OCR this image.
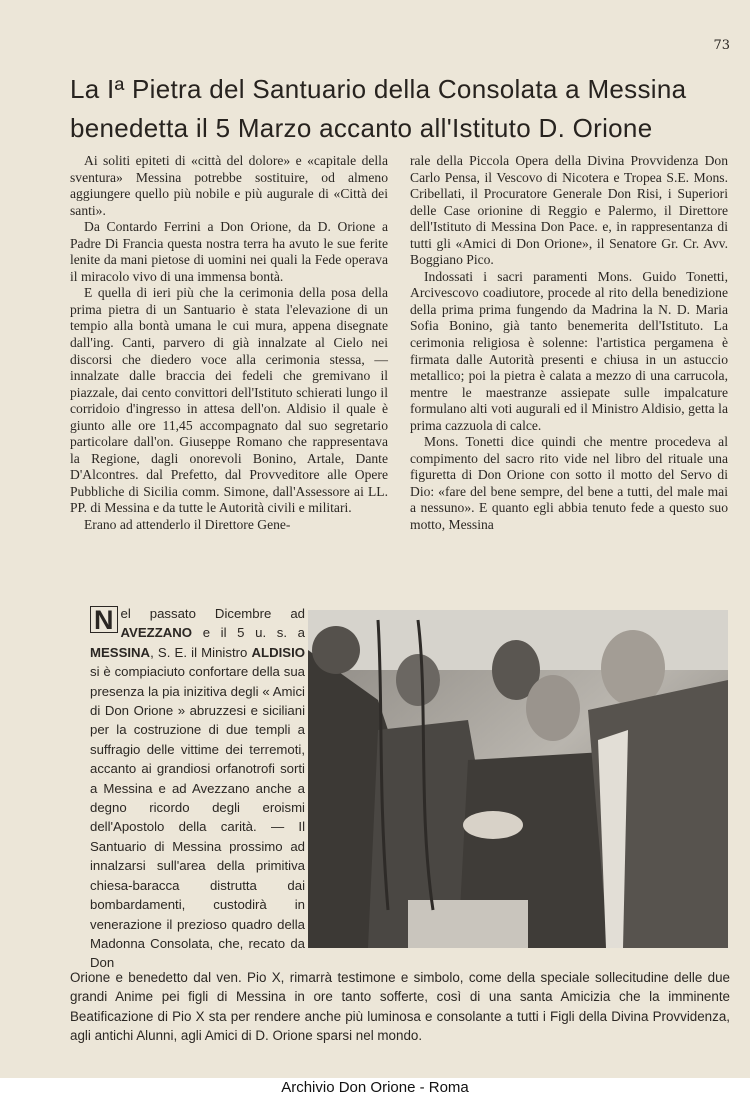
73
La Iª Pietra del Santuario della Consolata a Messina
benedetta il 5 Marzo accanto all'Istituto D. Orione

Ai soliti epiteti di «città del dolore» e «capitale della sventura» Messina potrebbe sostituire, od almeno aggiungere quello più nobile e più augurale di «Città dei santi».

Da Contardo Ferrini a Don Orione, da D. Orione a Padre Di Francia questa nostra terra ha avuto le sue ferite lenite da mani pietose di uomini nei quali la Fede operava il miracolo vivo di una immensa bontà.

E quella di ieri più che la cerimonia della posa della prima pietra di un Santuario è stata l'elevazione di un tempio alla bontà umana le cui mura, appena disegnate dall'ing. Canti, parvero di già innalzate al Cielo nei discorsi che diedero voce alla cerimonia stessa, — innalzate dalle braccia dei fedeli che gremivano il piazzale, dai cento convittori dell'Istituto schierati lungo il corridoio d'ingresso in attesa dell'on. Aldisio il quale è giunto alle ore 11,45 accompagnato dal suo segretario particolare dall'on. Giuseppe Romano che rappresentava la Regione, dagli onorevoli Bonino, Artale, Dante D'Alcontres. dal Prefetto, dal Provveditore alle Opere Pubbliche di Sicilia comm. Simone, dall'Assessore ai LL. PP. di Messina e da tutte le Autorità civili e militari.

Erano ad attenderlo il Direttore Gene-

rale della Piccola Opera della Divina Provvidenza Don Carlo Pensa, il Vescovo di Nicotera e Tropea S.E. Mons. Cribellati, il Procuratore Generale Don Risi, i Superiori delle Case orionine di Reggio e Palermo, il Direttore dell'Istituto di Messina Don Pace. e, in rappresentanza di tutti gli «Amici di Don Orione», il Senatore Gr. Cr. Avv. Boggiano Pico.

Indossati i sacri paramenti Mons. Guido Tonetti, Arcivescovo coadiutore, procede al rito della benedizione della prima prima fungendo da Madrina la N. D. Maria Sofia Bonino, già tanto benemerita dell'Istituto. La cerimonia religiosa è solenne: l'artistica pergamena è firmata dalle Autorità presenti e chiusa in un astuccio metallico; poi la pietra è calata a mezzo di una carrucola, mentre le maestranze assiepate sulle impalcature formulano alti voti augurali ed il Ministro Aldisio, getta la prima cazzuola di calce.

Mons. Tonetti dice quindi che mentre procedeva al compimento del sacro rito vide nel libro del rituale una figuretta di Don Orione con sotto il motto del Servo di Dio: «fare del bene sempre, del bene a tutti, del male mai a nessuno». E quanto egli abbia tenuto fede a questo suo motto, Messina

N el passato Dicembre ad AVEZZANO e il 5 u. s. a MESSINA, S. E. il Ministro ALDISIO si è compiaciuto confortare della sua presenza la pia inizitiva degli « Amici di Don Orione » abruzzesi e siciliani per la costruzione di due templi a suffragio delle vittime dei terremoti, accanto ai grandiosi orfanotrofi sorti a Messina e ad Avezzano anche a degno ricordo degli eroismi dell'Apostolo della carità. — Il Santuario di Messina prossimo ad innalzarsi sull'area della primitiva chiesa-baracca distrutta dai bombardamenti, custodirà in venerazione il prezioso quadro della Madonna Consolata, che, recato da Don

Orione e benedetto dal ven. Pio X, rimarrà testimone e simbolo, come della speciale sollecitudine delle due grandi Anime pei figli di Messina in ore tanto sofferte, così di una santa Amicizia che la imminente Beatificazione di Pio X sta per rendere anche più luminosa e consolante a tutti i Figli della Divina Provvidenza, agli antichi Alunni, agli Amici di D. Orione sparsi nel mondo.

Archivio Don Orione - Roma
